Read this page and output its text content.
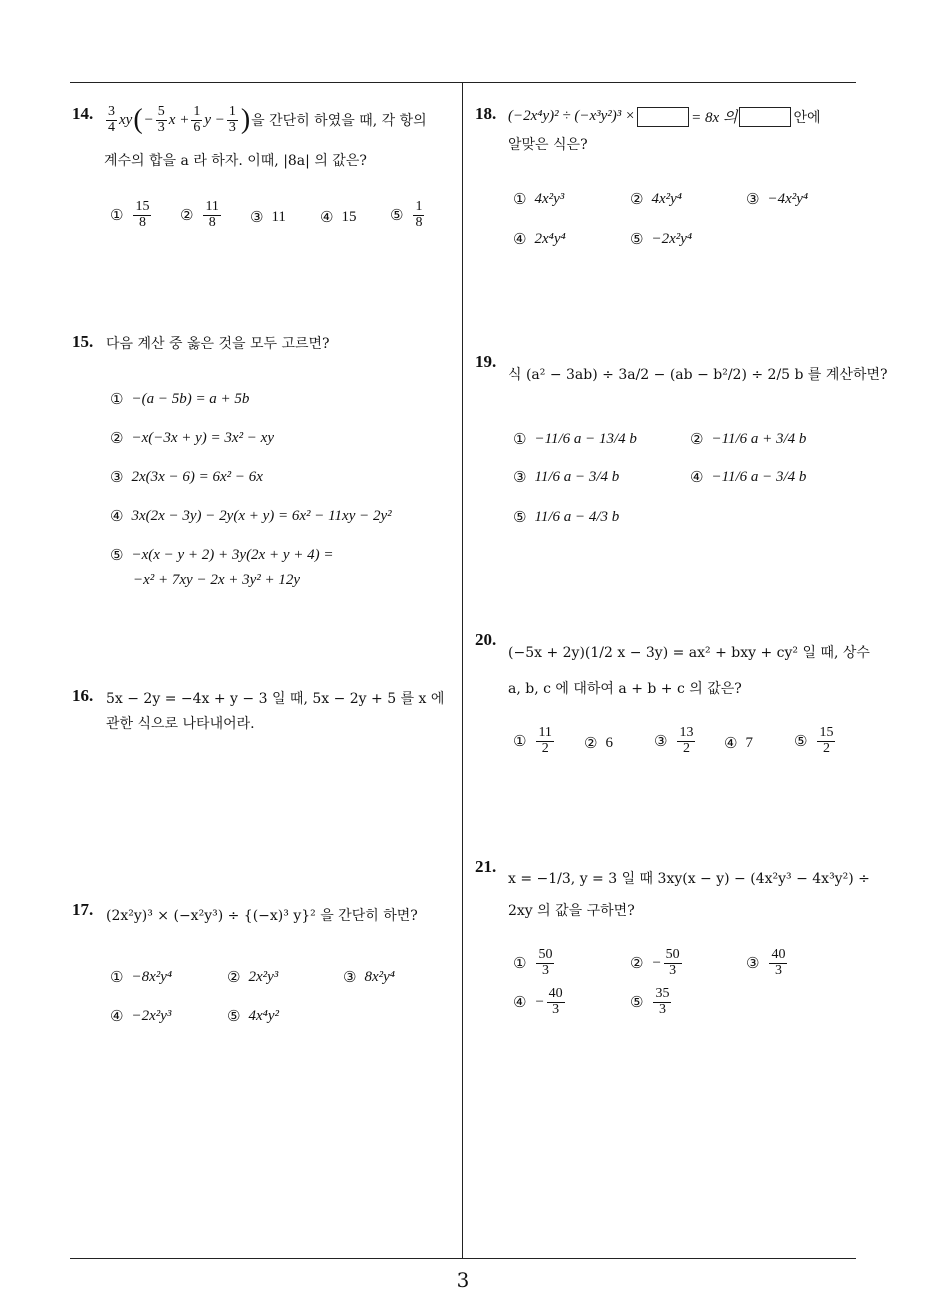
14. $\frac{3}{4}$ xy ( − $\frac{5}{3}$ $x + \frac{1}{6}$ $y - \frac{1}{3}$ ) 을 간단히 하였을 때, 각 항의
계수의 합을 a 라 하자. 이때, |8a| 의 값은?
① $\frac{15}{8}$ ② $\frac{11}{8}$ ③ 11 ④ 15 ⑤ $\frac{1}{8}$
15. 다음 계산 중 옳은 것을 모두 고르면?
① −(a − 5b) = a + 5b
② −x(−3x + y) = 3x² − xy
③ 2x(3x − 6) = 6x² − 6x
④ 3x(2x − 3y) − 2y(x + y) = 6x² − 11xy − 2y²
⑤ −x(x − y + 2) + 3y(2x + y + 4) =
−x² + 7xy − 2x + 3y² + 12y
16. 5x − 2y = −4x + y − 3 일 때, 5x − 2y + 5 를 x 에
관한 식으로 나타내어라.
17. (2x²y)³ × (−x²y³) ÷ {(−x)³ y}² 을 간단히 하면?
① −8x²y⁴	② 2x²y³	③ 8x²y⁴
④ −2x²y³	⑤ 4x⁴y²
18. (−2x⁴y)² ÷ (−x³y²)³ ×	= 8x 의	안에
알맞은 식은?
① 4x²y³	② 4x²y⁴	③ −4x²y⁴
④ 2x⁴y⁴	⑤ −2x²y⁴
19.
식 (a² − 3ab) ÷ 3a/2 − (ab − b²/2) ÷ 2/5 b 를 계산하면?
① −11/6 a − 13/4 b	② −11/6 a + 3/4 b
③ 11/6 a − 3/4 b	④ −11/6 a − 3/4 b
⑤ 11/6 a − 4/3 b
20.
(−5x + 2y)(1/2 x − 3y) = ax² + bxy + cy² 일 때, 상수
a, b, c 에 대하여 a + b + c 의 값은?
① $\frac{11}{2}$ ② 6	③ $\frac{13}{2}$ ④ 7	⑤ $\frac{15}{2}$
21.
x = −1/3, y = 3 일 때 3xy(x − y) − (4x²y³ − 4x³y²) ÷
2xy 의 값을 구하면?
① $\frac{50}{3}$	② − $\frac{50}{3}$	③ $\frac{40}{3}$
④ − $\frac{40}{3}$	⑤ $\frac{35}{3}$
3
